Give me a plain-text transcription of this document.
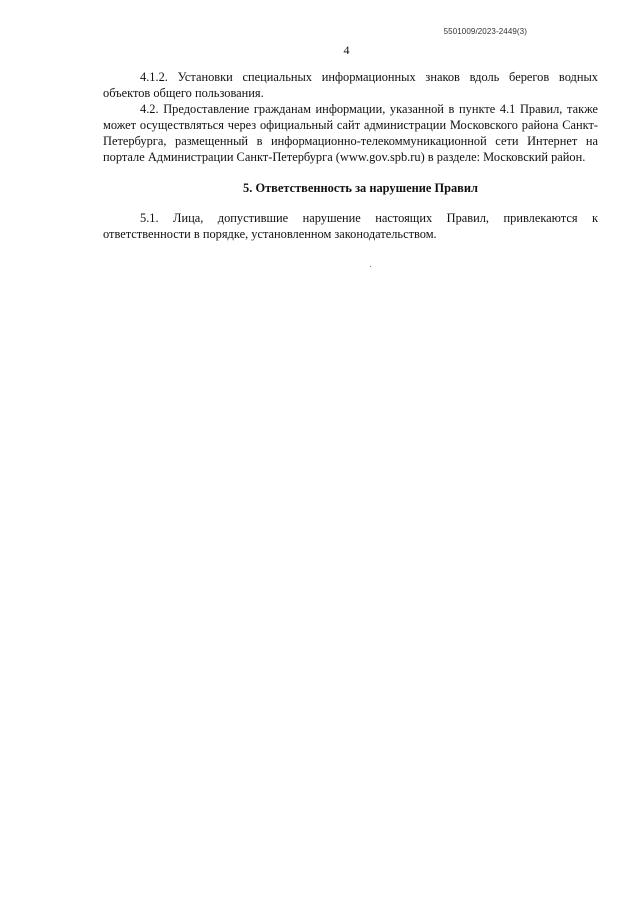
5501009/2023-2449(3)
4

4.1.2. Установки специальных информационных знаков вдоль берегов водных объектов общего пользования.

4.2. Предоставление гражданам информации, указанной в пункте 4.1 Правил, также может осуществляться через официальный сайт администрации Московского района Санкт-Петербурга, размещенный в информационно-телекоммуникационной сети Интернет на портале Администрации Санкт-Петербурга (www.gov.spb.ru) в разделе: Московский район.

5. Ответственность за нарушение Правил

5.1. Лица, допустившие нарушение настоящих Правил, привлекаются к ответственности в порядке, установленном законодательством.
